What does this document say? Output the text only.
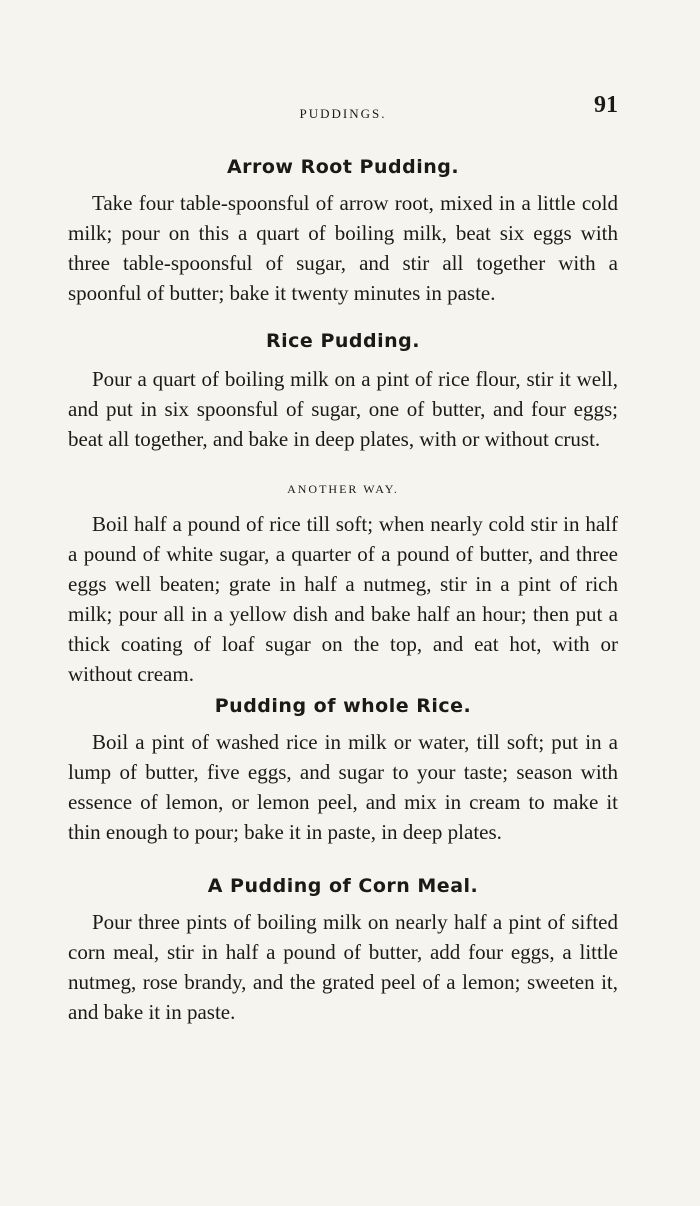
PUDDINGS.	91
Arrow Root Pudding.

Take four table-spoonsful of arrow root, mixed in a little cold milk; pour on this a quart of boiling milk, beat six eggs with three table-spoonsful of sugar, and stir all together with a spoonful of butter; bake it twenty minutes in paste.

Rice Pudding.

Pour a quart of boiling milk on a pint of rice flour, stir it well, and put in six spoonsful of sugar, one of butter, and four eggs; beat all together, and bake in deep plates, with or without crust.

ANOTHER WAY.

Boil half a pound of rice till soft; when nearly cold stir in half a pound of white sugar, a quarter of a pound of butter, and three eggs well beaten; grate in half a nutmeg, stir in a pint of rich milk; pour all in a yellow dish and bake half an hour; then put a thick coating of loaf sugar on the top, and eat hot, with or without cream.

Pudding of whole Rice.

Boil a pint of washed rice in milk or water, till soft; put in a lump of butter, five eggs, and sugar to your taste; season with essence of lemon, or lemon peel, and mix in cream to make it thin enough to pour; bake it in paste, in deep plates.

A Pudding of Corn Meal.

Pour three pints of boiling milk on nearly half a pint of sifted corn meal, stir in half a pound of butter, add four eggs, a little nutmeg, rose brandy, and the grated peel of a lemon; sweeten it, and bake it in paste.
